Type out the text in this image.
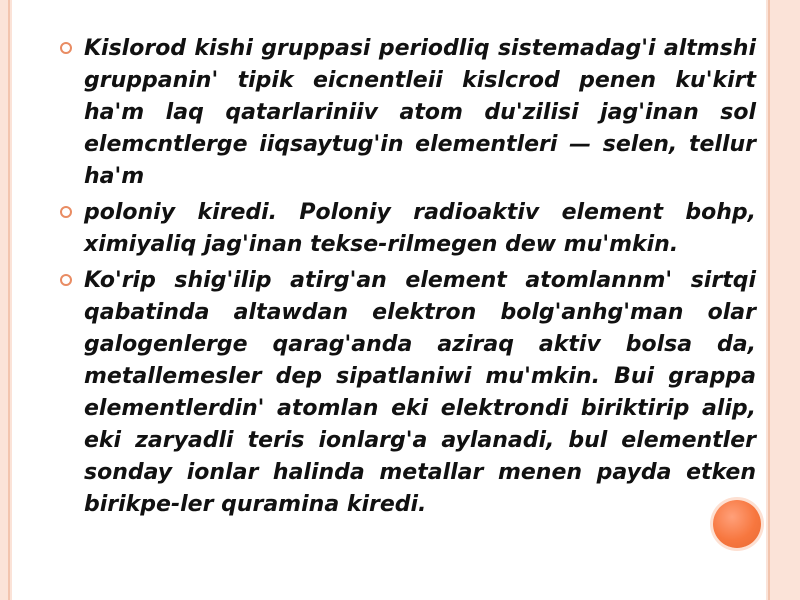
Kislorod kishi gruppasi periodliq sistemadag'i altmshi gruppanin' tipik eicnentleii kislcrod penen ku'kirt ha'm laq qatarlariniiv atom du'zilisi jag'inan sol elemcntlerge iiqsaytug'in elementleri — selen, tellur ha'm

poloniy kiredi. Poloniy radioaktiv element bohp, ximiyaliq jag'inan tekse-rilmegen dew mu'mkin.

Ko'rip shig'ilip atirg'an element atomlannm' sirtqi qabatinda altawdan elektron bolg'anhg'man olar galogenlerge qarag'anda aziraq aktiv bolsa da, metallemesler dep sipatlaniwi mu'mkin. Bui grappa elementlerdin' atomlan eki elektrondi biriktirip alip, eki zaryadli teris ionlarg'a aylanadi, bul elementler sonday ionlar halinda metallar menen payda etken birikpe-ler quramina kiredi.
